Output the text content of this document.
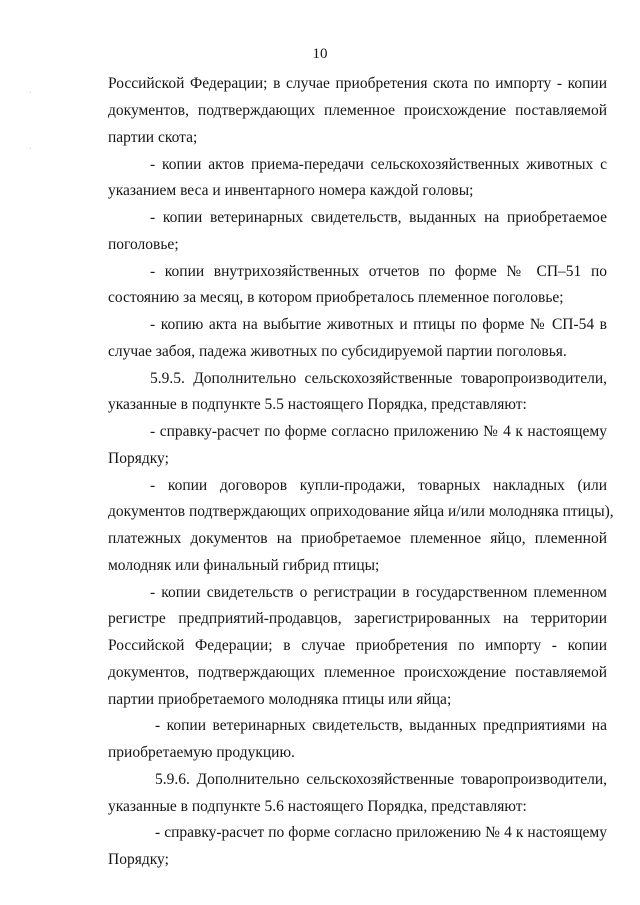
10
Российской Федерации; в случае приобретения скота по импорту - копии
документов, подтверждающих племенное происхождение поставляемой
партии скота;
- копии актов приема-передачи сельскохозяйственных животных с
указанием веса и инвентарного номера каждой головы;
- копии ветеринарных свидетельств, выданных на приобретаемое
поголовье;
- копии внутрихозяйственных отчетов по форме № СП–51 по
состоянию за месяц, в котором приобреталось племенное поголовье;
- копию акта на выбытие животных и птицы по форме № СП-54 в
случае забоя, падежа животных по субсидируемой партии поголовья.
5.9.5. Дополнительно сельскохозяйственные товаропроизводители,
указанные в подпункте 5.5 настоящего Порядка, представляют:
- справку-расчет по форме согласно приложению № 4 к настоящему
Порядку;
- копии договоров купли-продажи, товарных накладных (или
документов подтверждающих оприходование яйца и/или молодняка птицы),
платежных документов на приобретаемое племенное яйцо, племенной
молодняк или финальный гибрид птицы;
- копии свидетельств о регистрации в государственном племенном
регистре предприятий-продавцов, зарегистрированных на территории
Российской Федерации; в случае приобретения по импорту - копии
документов, подтверждающих племенное происхождение поставляемой
партии приобретаемого молодняка птицы или яйца;
- копии ветеринарных свидетельств, выданных предприятиями на
приобретаемую продукцию.
5.9.6. Дополнительно сельскохозяйственные товаропроизводители,
указанные в подпункте 5.6 настоящего Порядка, представляют:
- справку-расчет по форме согласно приложению № 4 к настоящему
Порядку;
